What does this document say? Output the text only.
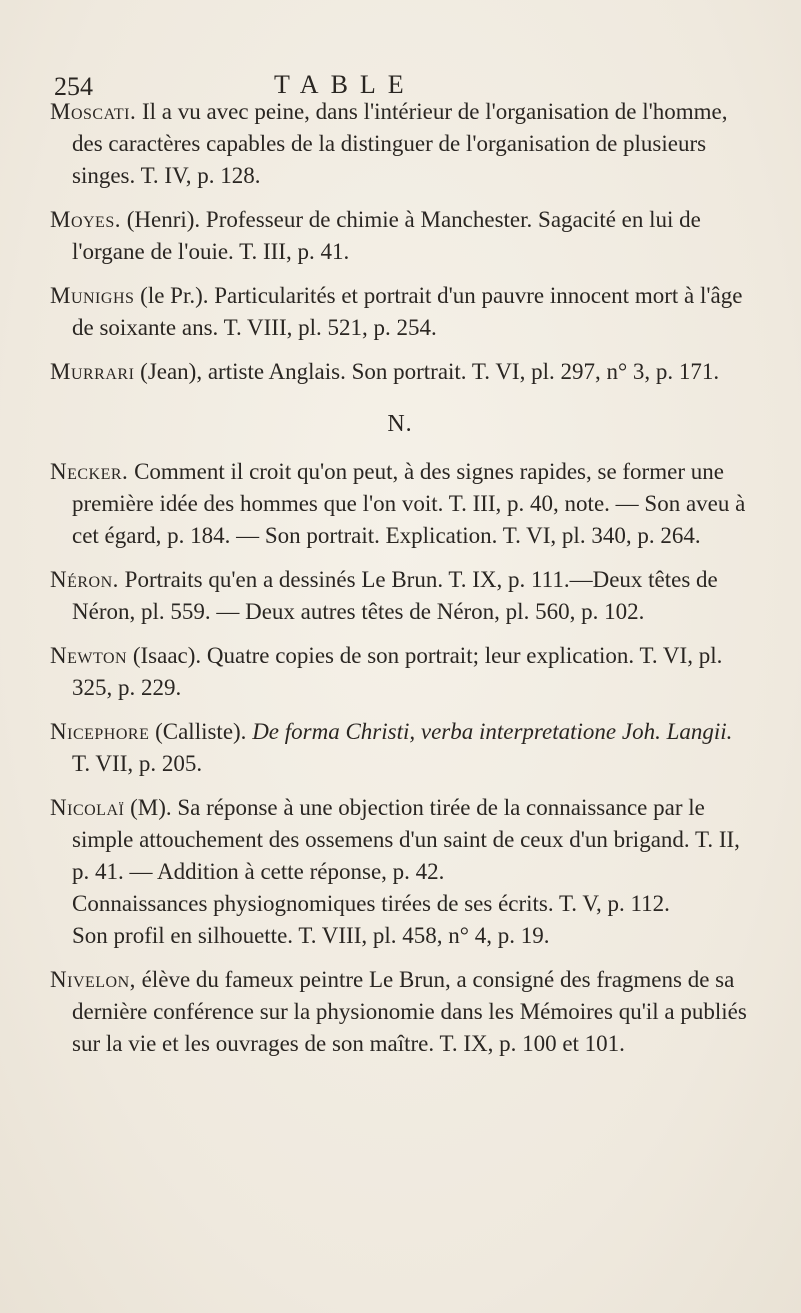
254	TABLE

Moscati. Il a vu avec peine, dans l'intérieur de l'organisation de l'homme, des caractères capables de la distinguer de l'organisation de plusieurs singes. T. IV, p. 128.

Moyes. (Henri). Professeur de chimie à Manchester. Sagacité en lui de l'organe de l'ouie. T. III, p. 41.

Munighs (le Pr.). Particularités et portrait d'un pauvre innocent mort à l'âge de soixante ans. T. VIII, pl. 521, p. 254.

Murrari (Jean), artiste Anglais. Son portrait. T. VI, pl. 297, n° 3, p. 171.

N.

Necker. Comment il croit qu'on peut, à des signes rapides, se former une première idée des hommes que l'on voit. T. III, p. 40, note. — Son aveu à cet égard, p. 184. — Son portrait. Explication. T. VI, pl. 340, p. 264.

Néron. Portraits qu'en a dessinés Le Brun. T. IX, p. 111.—Deux têtes de Néron, pl. 559. — Deux autres têtes de Néron, pl. 560, p. 102.

Newton (Isaac). Quatre copies de son portrait; leur explication. T. VI, pl. 325, p. 229.

Nicephore (Calliste). De forma Christi, verba interpretatione Joh. Langii. T. VII, p. 205.

Nicolaï (M). Sa réponse à une objection tirée de la connaissance par le simple attouchement des ossemens d'un saint de ceux d'un brigand. T. II, p. 41. — Addition à cette réponse, p. 42.
Connaissances physiognomiques tirées de ses écrits. T. V, p. 112.
Son profil en silhouette. T. VIII, pl. 458, n° 4, p. 19.

Nivelon, élève du fameux peintre Le Brun, a consigné des fragmens de sa dernière conférence sur la physionomie dans les Mémoires qu'il a publiés sur la vie et les ouvrages de son maître. T. IX, p. 100 et 101.
